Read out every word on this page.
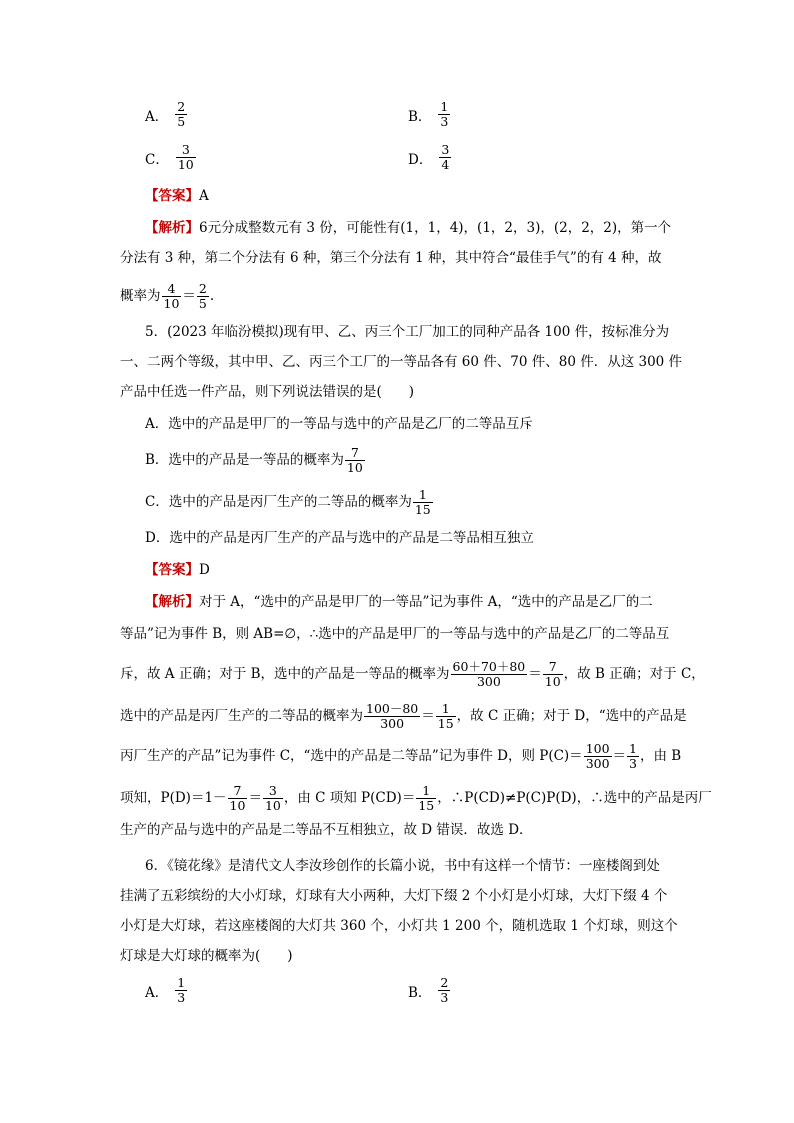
A． $\frac{2}{5}$	B． $\frac{1}{3}$
C． $\frac{3}{10}$	D． $\frac{3}{4}$
【答案】A
【解析】6元分成整数元有 3 份，可能性有(1，1，4)，(1，2，3)，(2，2，2)，第一个
分法有 3 种，第二个分法有 6 种，第三个分法有 1 种，其中符合“最佳手气”的有 4 种，故
概率为 $\frac{4}{10} = \frac{2}{5}$ .
5．(2023 年临汾模拟)现有甲、乙、丙三个工厂加工的同种产品各 100 件，按标准分为
一、二两个等级，其中甲、乙、丙三个工厂的一等品各有 60 件、70 件、80 件．从这 300 件
产品中任选一件产品，则下列说法错误的是(　　)
A．选中的产品是甲厂的一等品与选中的产品是乙厂的二等品互斥
B．选中的产品是一等品的概率为 $\frac{7}{10}$
C．选中的产品是丙厂生产的二等品的概率为 $\frac{1}{15}$
D．选中的产品是丙厂生产的产品与选中的产品是二等品相互独立
【答案】D
【解析】对于 A，“选中的产品是甲厂的一等品”记为事件 A，“选中的产品是乙厂的二
等品”记为事件 B，则 AB=∅，∴选中的产品是甲厂的一等品与选中的产品是乙厂的二等品互
斥，故 A 正确；对于 B，选中的产品是一等品的概率为 $\frac{60+70+80}{300} = \frac{7}{10}$ ，故 B 正确；对于 C，
选中的产品是丙厂生产的二等品的概率为 $\frac{100-80}{300} = \frac{1}{15}$ ，故 C 正确；对于 D，“选中的产品是
丙厂生产的产品”记为事件 C，“选中的产品是二等品”记为事件 D，则 $P(C)= \frac{100}{300} = \frac{1}{3}$ ，由 B
项知，$P(D)=1- \frac{7}{10} = \frac{3}{10}$ ，由 C 项知 $P(CD)= \frac{1}{15}$ ，∴P(CD)≠P(C)P(D)，∴选中的产品是丙厂
生产的产品与选中的产品是二等品不互相独立，故 D 错误．故选 D．
6．《镜花缘》是清代文人李汝珍创作的长篇小说，书中有这样一个情节：一座楼阁到处
挂满了五彩缤纷的大小灯球，灯球有大小两种，大灯下缀 2 个小灯是小灯球，大灯下缀 4 个
小灯是大灯球，若这座楼阁的大灯共 360 个，小灯共 1 200 个，随机选取 1 个灯球，则这个
灯球是大灯球的概率为(　　)
A． $\frac{1}{3}$	B． $\frac{2}{3}$
